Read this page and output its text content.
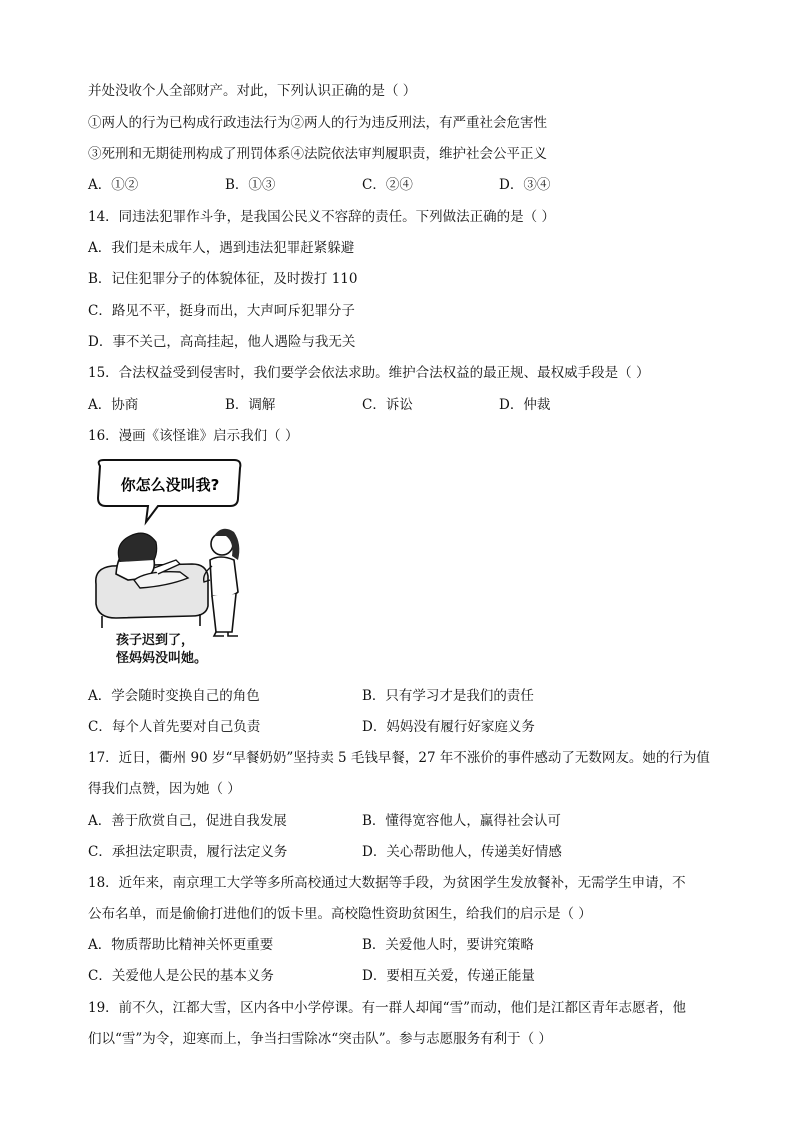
并处没收个人全部财产。对此，下列认识正确的是（ ）
①两人的行为已构成行政违法行为②两人的行为违反刑法，有严重社会危害性
③死刑和无期徒刑构成了刑罚体系④法院依法审判履职责，维护社会公平正义
A．①②	B．①③	C．②④	D．③④
14．同违法犯罪作斗争，是我国公民义不容辞的责任。下列做法正确的是（ ）
A．我们是未成年人，遇到违法犯罪赶紧躲避
B．记住犯罪分子的体貌体征，及时拨打 110
C．路见不平，挺身而出，大声呵斥犯罪分子
D．事不关己，高高挂起，他人遇险与我无关
15．合法权益受到侵害时，我们要学会依法求助。维护合法权益的最正规、最权威手段是（ ）
A．协商	B．调解	C．诉讼	D．仲裁
16．漫画《该怪谁》启示我们（ ）
你怎么没叫我?
孩子迟到了，
怪妈妈没叫她。
A．学会随时变换自己的角色	B．只有学习才是我们的责任
C．每个人首先要对自己负责	D．妈妈没有履行好家庭义务
17．近日，衢州 90 岁“早餐奶奶”坚持卖 5 毛钱早餐，27 年不涨价的事件感动了无数网友。她的行为值
得我们点赞，因为她（ ）
A．善于欣赏自己，促进自我发展	B．懂得宽容他人，赢得社会认可
C．承担法定职责，履行法定义务	D．关心帮助他人，传递美好情感
18．近年来，南京理工大学等多所高校通过大数据等手段，为贫困学生发放餐补，无需学生申请，不
公布名单，而是偷偷打进他们的饭卡里。高校隐性资助贫困生，给我们的启示是（ ）
A．物质帮助比精神关怀更重要	B．关爱他人时，要讲究策略
C．关爱他人是公民的基本义务	D．要相互关爱，传递正能量
19．前不久，江都大雪，区内各中小学停课。有一群人却闻“雪”而动，他们是江都区青年志愿者，他
们以“雪”为令，迎寒而上，争当扫雪除冰“突击队”。参与志愿服务有利于（ ）
